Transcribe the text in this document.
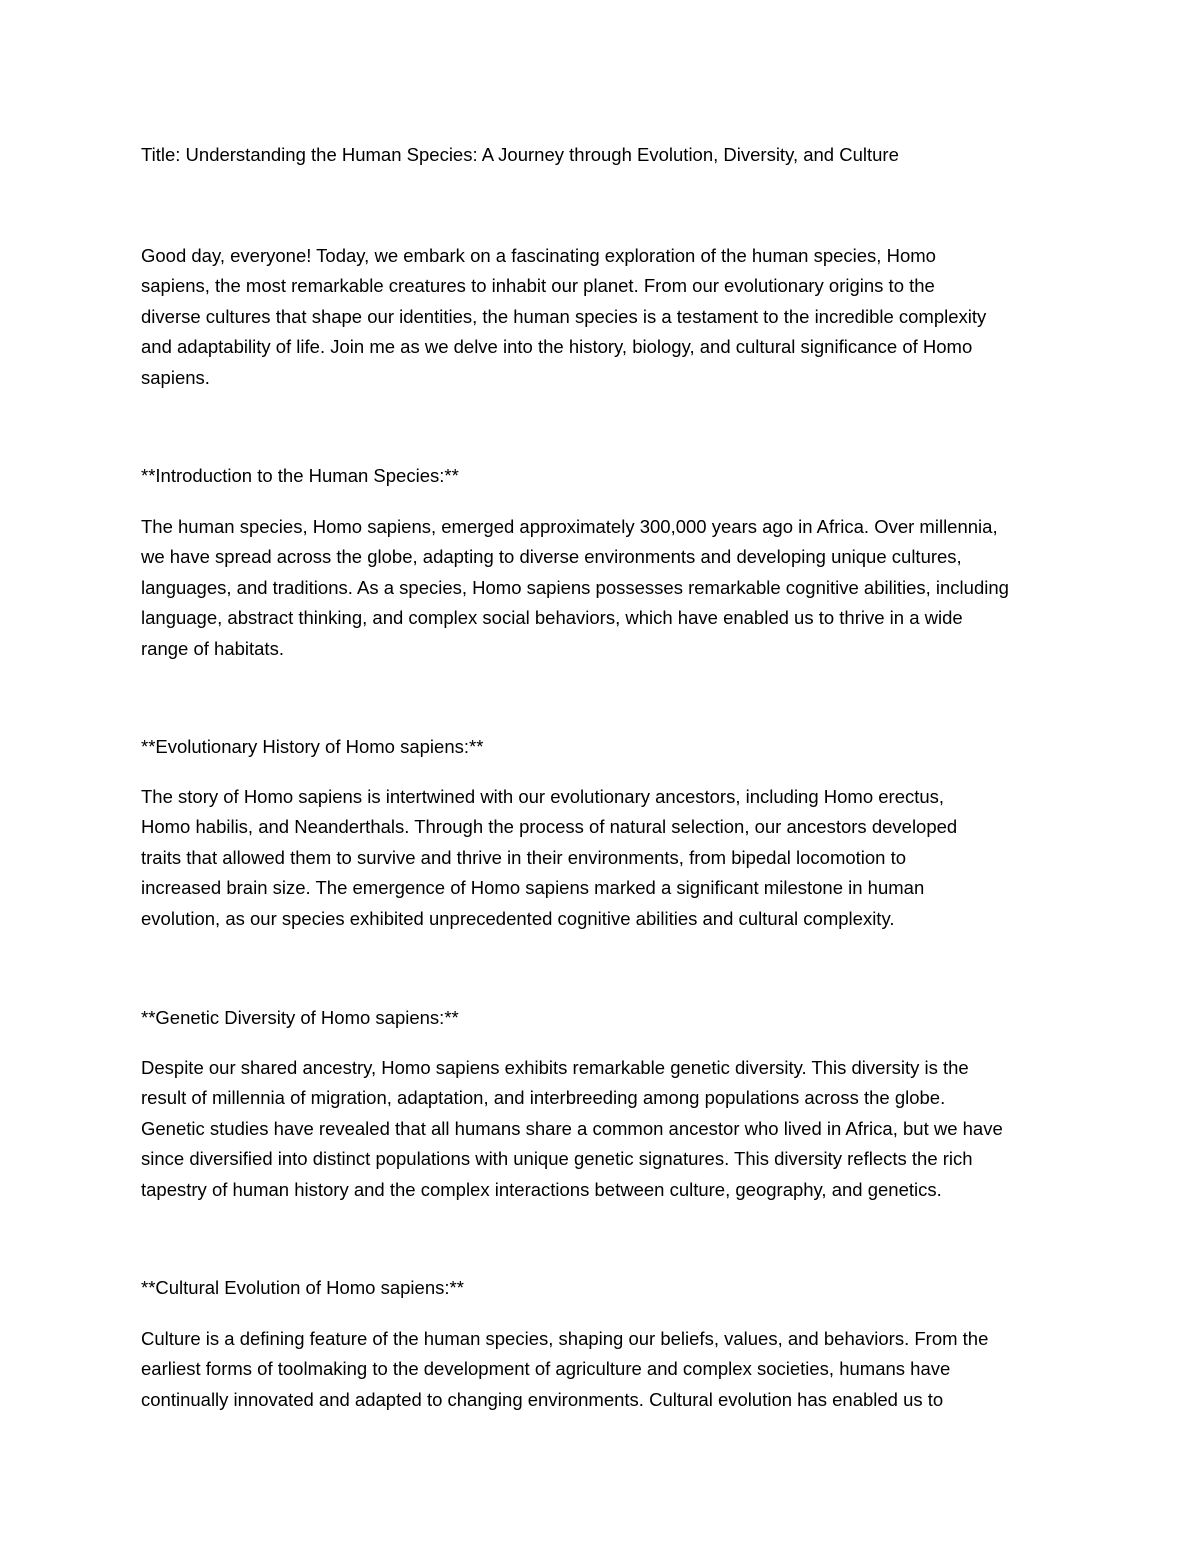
Title: Understanding the Human Species: A Journey through Evolution, Diversity, and Culture

Good day, everyone! Today, we embark on a fascinating exploration of the human species, Homo
sapiens, the most remarkable creatures to inhabit our planet. From our evolutionary origins to the
diverse cultures that shape our identities, the human species is a testament to the incredible complexity
and adaptability of life. Join me as we delve into the history, biology, and cultural significance of Homo
sapiens.

**Introduction to the Human Species:**

The human species, Homo sapiens, emerged approximately 300,000 years ago in Africa. Over millennia,
we have spread across the globe, adapting to diverse environments and developing unique cultures,
languages, and traditions. As a species, Homo sapiens possesses remarkable cognitive abilities, including
language, abstract thinking, and complex social behaviors, which have enabled us to thrive in a wide
range of habitats.

**Evolutionary History of Homo sapiens:**

The story of Homo sapiens is intertwined with our evolutionary ancestors, including Homo erectus,
Homo habilis, and Neanderthals. Through the process of natural selection, our ancestors developed
traits that allowed them to survive and thrive in their environments, from bipedal locomotion to
increased brain size. The emergence of Homo sapiens marked a significant milestone in human
evolution, as our species exhibited unprecedented cognitive abilities and cultural complexity.

**Genetic Diversity of Homo sapiens:**

Despite our shared ancestry, Homo sapiens exhibits remarkable genetic diversity. This diversity is the
result of millennia of migration, adaptation, and interbreeding among populations across the globe.
Genetic studies have revealed that all humans share a common ancestor who lived in Africa, but we have
since diversified into distinct populations with unique genetic signatures. This diversity reflects the rich
tapestry of human history and the complex interactions between culture, geography, and genetics.

**Cultural Evolution of Homo sapiens:**

Culture is a defining feature of the human species, shaping our beliefs, values, and behaviors. From the
earliest forms of toolmaking to the development of agriculture and complex societies, humans have
continually innovated and adapted to changing environments. Cultural evolution has enabled us to
